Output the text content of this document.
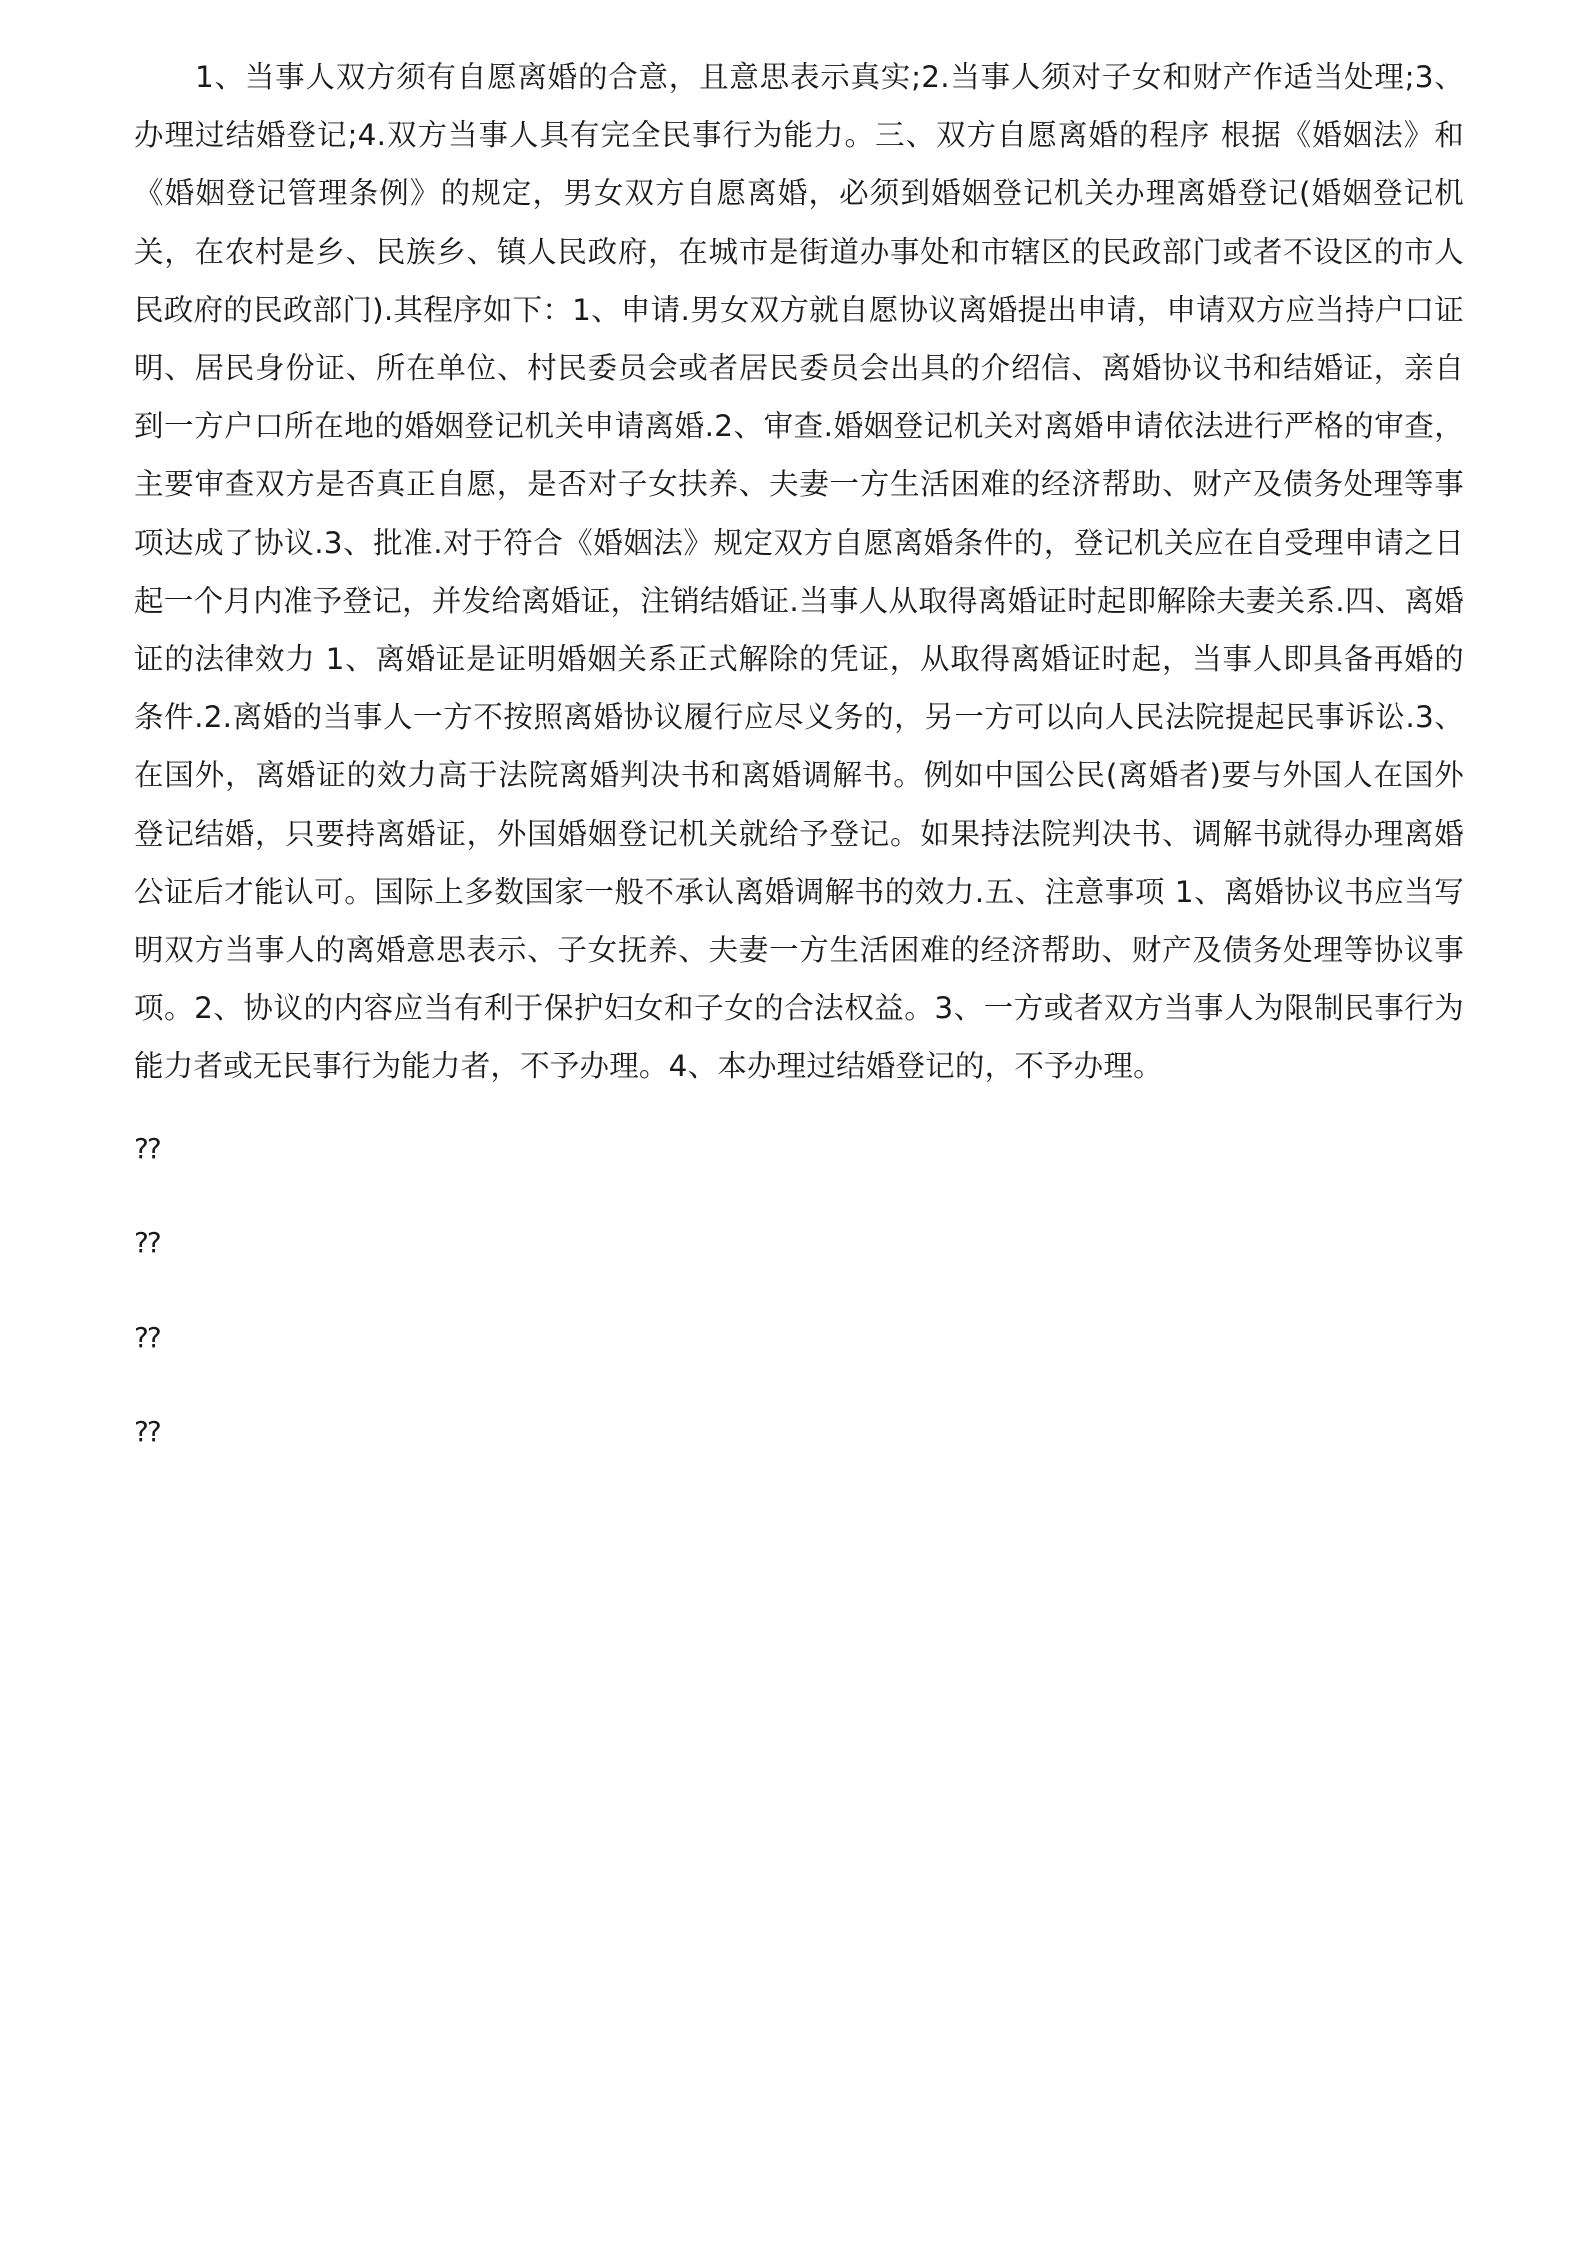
1、当事人双方须有自愿离婚的合意，且意思表示真实;2.当事人须对子女和财产作适当处理;3、办理过结婚登记;4.双方当事人具有完全民事行为能力。三、双方自愿离婚的程序 根据《婚姻法》和《婚姻登记管理条例》的规定，男女双方自愿离婚，必须到婚姻登记机关办理离婚登记(婚姻登记机关，在农村是乡、民族乡、镇人民政府，在城市是街道办事处和市辖区的民政部门或者不设区的市人民政府的民政部门).其程序如下：1、申请.男女双方就自愿协议离婚提出申请，申请双方应当持户口证明、居民身份证、所在单位、村民委员会或者居民委员会出具的介绍信、离婚协议书和结婚证，亲自到一方户口所在地的婚姻登记机关申请离婚.2、审查.婚姻登记机关对离婚申请依法进行严格的审查，主要审查双方是否真正自愿，是否对子女扶养、夫妻一方生活困难的经济帮助、财产及债务处理等事项达成了协议.3、批准.对于符合《婚姻法》规定双方自愿离婚条件的，登记机关应在自受理申请之日起一个月内准予登记，并发给离婚证，注销结婚证.当事人从取得离婚证时起即解除夫妻关系.四、离婚证的法律效力 1、离婚证是证明婚姻关系正式解除的凭证，从取得离婚证时起，当事人即具备再婚的条件.2.离婚的当事人一方不按照离婚协议履行应尽义务的，另一方可以向人民法院提起民事诉讼.3、在国外，离婚证的效力高于法院离婚判决书和离婚调解书。例如中国公民(离婚者)要与外国人在国外登记结婚，只要持离婚证，外国婚姻登记机关就给予登记。如果持法院判决书、调解书就得办理离婚公证后才能认可。国际上多数国家一般不承认离婚调解书的效力.五、注意事项 1、离婚协议书应当写明双方当事人的离婚意思表示、子女抚养、夫妻一方生活困难的经济帮助、财产及债务处理等协议事项。2、协议的内容应当有利于保护妇女和子女的合法权益。3、一方或者双方当事人为限制民事行为能力者或无民事行为能力者，不予办理。4、本办理过结婚登记的，不予办理。

??
??
??
??
